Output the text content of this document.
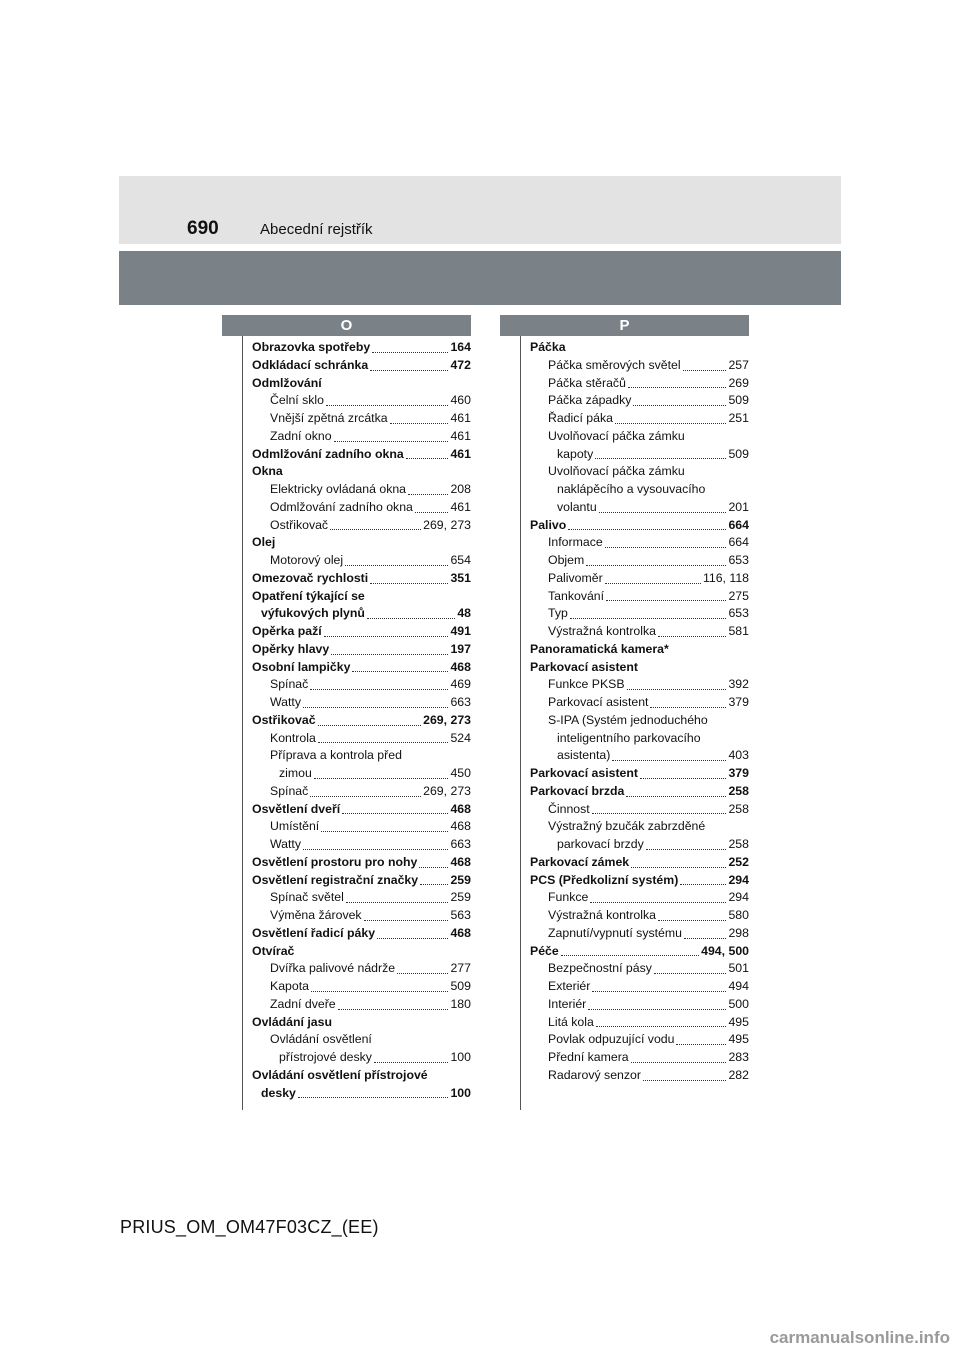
690	Abecední rejstřík
O	P
Obrazovka spotřeby	164
Odkládací schránka	472
Odmlžování
Čelní sklo	460
Vnější zpětná zrcátka	461
Zadní okno	461
Odmlžování zadního okna	461
Okna
Elektricky ovládaná okna	208
Odmlžování zadního okna	461
Ostřikovač	269, 273
Olej
Motorový olej	654
Omezovač rychlosti	351
Opatření týkající se
výfukových plynů	48
Opěrka paží	491
Opěrky hlavy	197
Osobní lampičky	468
Spínač	469
Watty	663
Ostřikovač	269, 273
Kontrola	524
Příprava a kontrola před
zimou	450
Spínač	269, 273
Osvětlení dveří	468
Umístění	468
Watty	663
Osvětlení prostoru pro nohy	468
Osvětlení registrační značky	259
Spínač světel	259
Výměna žárovek	563
Osvětlení řadicí páky	468
Otvírač
Dvířka palivové nádrže	277
Kapota	509
Zadní dveře	180
Ovládání jasu
Ovládání osvětlení
přístrojové desky	100
Ovládání osvětlení přístrojové
desky	100
Páčka
Páčka směrových světel	257
Páčka stěračů	269
Páčka západky	509
Řadicí páka	251
Uvolňovací páčka zámku
kapoty	509
Uvolňovací páčka zámku
naklápěcího a vysouvacího
volantu	201
Palivo	664
Informace	664
Objem	653
Palivoměr	116, 118
Tankování	275
Typ	653
Výstražná kontrolka	581
Panoramatická kamera*
Parkovací asistent
Funkce PKSB	392
Parkovací asistent	379
S-IPA (Systém jednoduchého
inteligentního parkovacího
asistenta)	403
Parkovací asistent	379
Parkovací brzda	258
Činnost	258
Výstražný bzučák zabrzděné
parkovací brzdy	258
Parkovací zámek	252
PCS (Předkolizní systém)	294
Funkce	294
Výstražná kontrolka	580
Zapnutí/vypnutí systému	298
Péče	494, 500
Bezpečnostní pásy	501
Exteriér	494
Interiér	500
Litá kola	495
Povlak odpuzující vodu	495
Přední kamera	283
Radarový senzor	282
PRIUS_OM_OM47F03CZ_(EE)
carmanualsonline.info
